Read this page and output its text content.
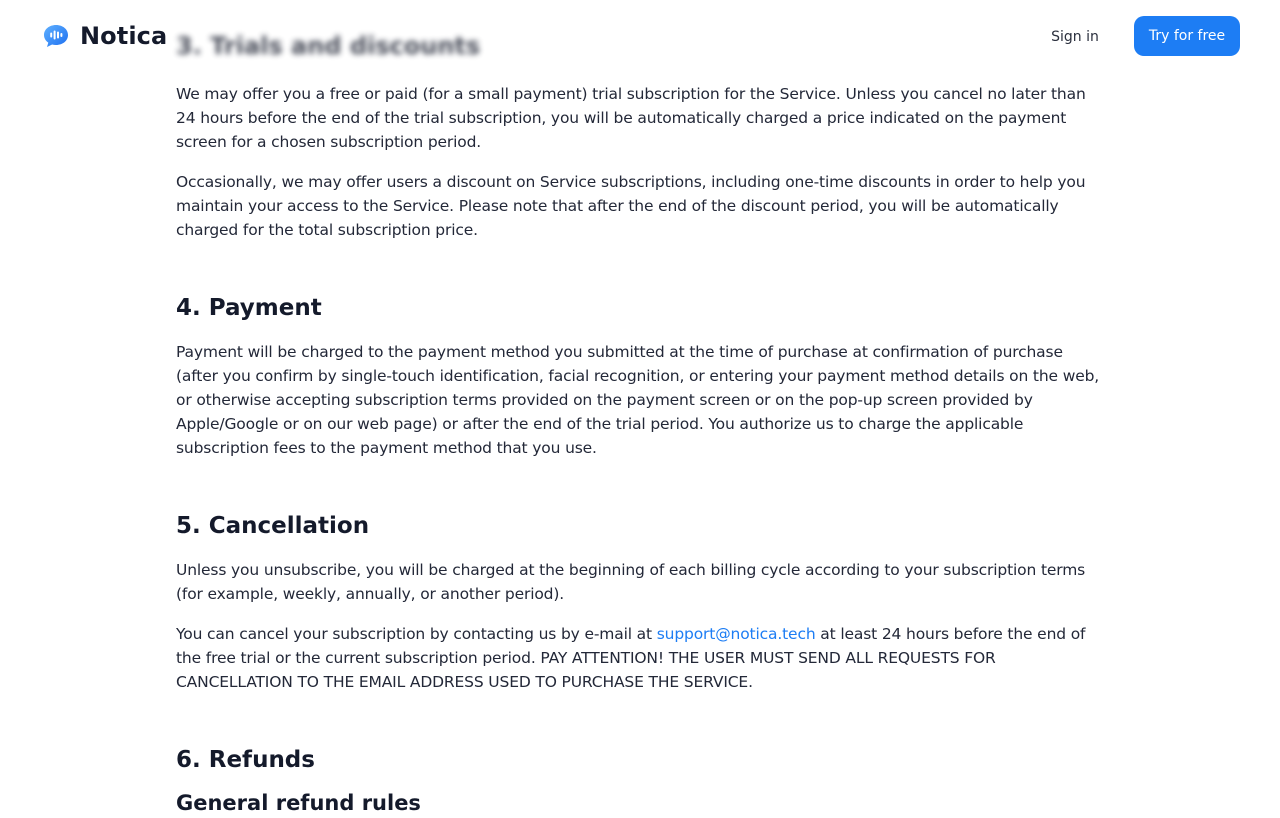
3. Trials and discounts

We may offer you a free or paid (for a small payment) trial subscription for the Service. Unless you cancel no later than 24 hours before the end of the trial subscription, you will be automatically charged a price indicated on the payment screen for a chosen subscription period.

Occasionally, we may offer users a discount on Service subscriptions, including one-time discounts in order to help you maintain your access to the Service. Please note that after the end of the discount period, you will be automatically charged for the total subscription price.

4. Payment

Payment will be charged to the payment method you submitted at the time of purchase at confirmation of purchase (after you confirm by single-touch identification, facial recognition, or entering your payment method details on the web, or otherwise accepting subscription terms provided on the payment screen or on the pop-up screen provided by Apple/Google or on our web page) or after the end of the trial period. You authorize us to charge the applicable subscription fees to the payment method that you use.

5. Cancellation

Unless you unsubscribe, you will be charged at the beginning of each billing cycle according to your subscription terms (for example, weekly, annually, or another period).

You can cancel your subscription by contacting us by e-mail at support@notica.tech at least 24 hours before the end of the free trial or the current subscription period. PAY ATTENTION! THE USER MUST SEND ALL REQUESTS FOR CANCELLATION TO THE EMAIL ADDRESS USED TO PURCHASE THE SERVICE.

6. Refunds
General refund rules
Notica	Sign in	Try for free
